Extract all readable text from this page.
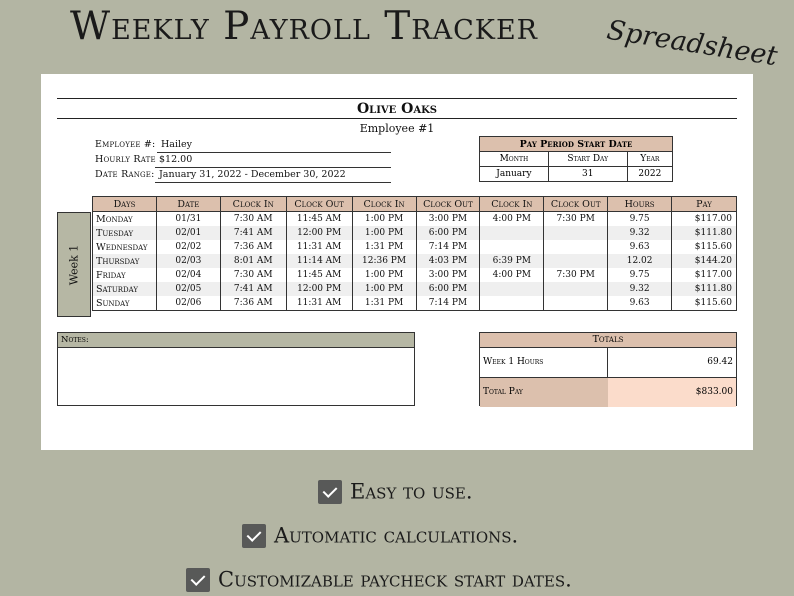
Weekly Payroll Tracker	Spreadsheet
Olive Oaks
Employee #1
Employee #: Hailey
Hourly Rate $12.00
Date Range: January 31, 2022 - December 30, 2022
Pay Period Start Date		
Month	Start Day	Year
January	31	2022
Week 1
Days	Date	Clock In	Clock Out	Clock In	Clock Out	Clock In	Clock Out	Hours	Pay
Monday	01/31	7:30 AM	11:45 AM	1:00 PM	3:00 PM	4:00 PM	7:30 PM	9.75	$117.00
Tuesday	02/01	7:41 AM	12:00 PM	1:00 PM	6:00 PM			9.32	$111.80
Wednesday	02/02	7:36 AM	11:31 AM	1:31 PM	7:14 PM			9.63	$115.60
Thursday	02/03	8:01 AM	11:14 AM	12:36 PM	4:03 PM	6:39 PM		12.02	$144.20
Friday	02/04	7:30 AM	11:45 AM	1:00 PM	3:00 PM	4:00 PM	7:30 PM	9.75	$117.00
Saturday	02/05	7:41 AM	12:00 PM	1:00 PM	6:00 PM			9.32	$111.80
Sunday	02/06	7:36 AM	11:31 AM	1:31 PM	7:14 PM			9.63	$115.60
Notes:	Totals
Week 1 Hours	69.42
Total Pay	$833.00
Easy to use.
Automatic calculations.
Customizable paycheck start dates.
